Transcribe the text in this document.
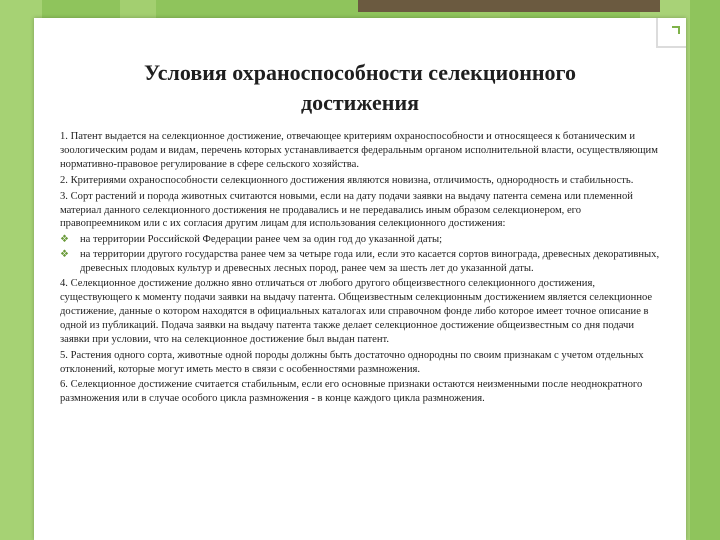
Условия охраноспособности селекционного
достижения

1. Патент выдается на селекционное достижение, отвечающее критериям охраноспособности и относящееся к ботаническим и зоологическим родам и видам, перечень которых устанавливается федеральным органом исполнительной власти, осуществляющим нормативно-правовое регулирование в сфере сельского хозяйства.

2. Критериями охраноспособности селекционного достижения являются новизна, отличимость, однородность и стабильность.

3. Сорт растений и порода животных считаются новыми, если на дату подачи заявки на выдачу патента семена или племенной материал данного селекционного достижения не продавались и не передавались иным образом селекционером, его правопреемником или с их согласия другим лицам для использования селекционного достижения:

❖	на территории Российской Федерации ранее чем за один год до указанной даты;
❖	на территории другого государства ранее чем за четыре года или, если это касается сортов винограда, древесных декоративных, древесных плодовых культур и древесных лесных пород, ранее чем за шесть лет до указанной даты.

4. Селекционное достижение должно явно отличаться от любого другого общеизвестного селекционного достижения, существующего к моменту подачи заявки на выдачу патента. Общеизвестным селекционным достижением является селекционное достижение, данные о котором находятся в официальных каталогах или справочном фонде либо которое имеет точное описание в одной из публикаций. Подача заявки на выдачу патента также делает селекционное достижение общеизвестным со дня подачи заявки при условии, что на селекционное достижение был выдан патент.

5. Растения одного сорта, животные одной породы должны быть достаточно однородны по своим признакам с учетом отдельных отклонений, которые могут иметь место в связи с особенностями размножения.

6. Селекционное достижение считается стабильным, если его основные признаки остаются неизменными после неоднократного размножения или в случае особого цикла размножения - в конце каждого цикла размножения.
